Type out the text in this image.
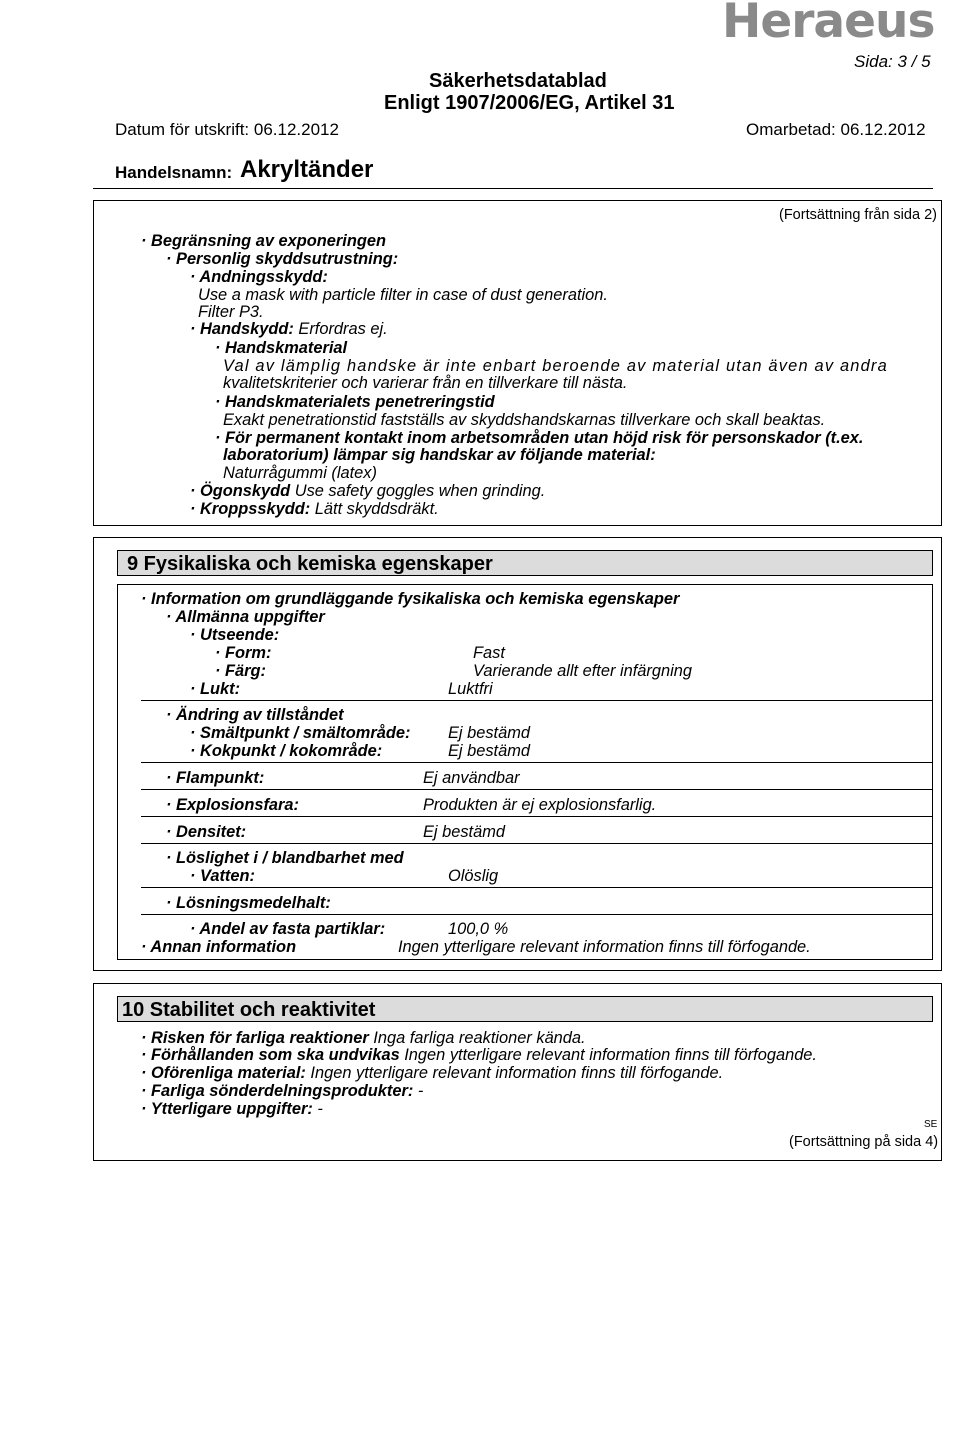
Heraeus
Sida: 3 / 5
Säkerhetsdatablad
Enligt 1907/2006/EG, Artikel 31
Datum för utskrift: 06.12.2012	Omarbetad: 06.12.2012
Handelsnamn: Akryltänder
(Fortsättning från sida 2)
· Begränsning av exponeringen
· Personlig skyddsutrustning:
· Andningsskydd:
Use a mask with particle filter in case of dust generation.
Filter P3.
· Handskydd: Erfordras ej.
· Handskmaterial
Val av lämplig handske är inte enbart beroende av material utan även av andra
kvalitetskriterier och varierar från en tillverkare till nästa.
· Handskmaterialets penetreringstid
Exakt penetrationstid fastställs av skyddshandskarnas tillverkare och skall beaktas.
· För permanent kontakt inom arbetsområden utan höjd risk för personskador (t.ex.
laboratorium) lämpar sig handskar av följande material:
Naturrågummi (latex)
· Ögonskydd Use safety goggles when grinding.
· Kroppsskydd: Lätt skyddsdräkt.
9 Fysikaliska och kemiska egenskaper
· Information om grundläggande fysikaliska och kemiska egenskaper
· Allmänna uppgifter
· Utseende:
· Form:	Fast
· Färg:	Varierande allt efter infärgning
· Lukt:	Luktfri
· Ändring av tillståndet
· Smältpunkt / smältområde: Ej bestämd
· Kokpunkt / kokområde:	Ej bestämd
· Flampunkt:	Ej användbar
· Explosionsfara:	Produkten är ej explosionsfarlig.
· Densitet:	Ej bestämd
· Löslighet i / blandbarhet med
· Vatten:	Olöslig
· Lösningsmedelhalt:
· Andel av fasta partiklar:	100,0 %
· Annan information	Ingen ytterligare relevant information finns till förfogande.
10 Stabilitet och reaktivitet
· Risken för farliga reaktioner Inga farliga reaktioner kända.
· Förhållanden som ska undvikas Ingen ytterligare relevant information finns till förfogande.
· Oförenliga material: Ingen ytterligare relevant information finns till förfogande.
· Farliga sönderdelningsprodukter: -
· Ytterligare uppgifter: -
SE
(Fortsättning på sida 4)
